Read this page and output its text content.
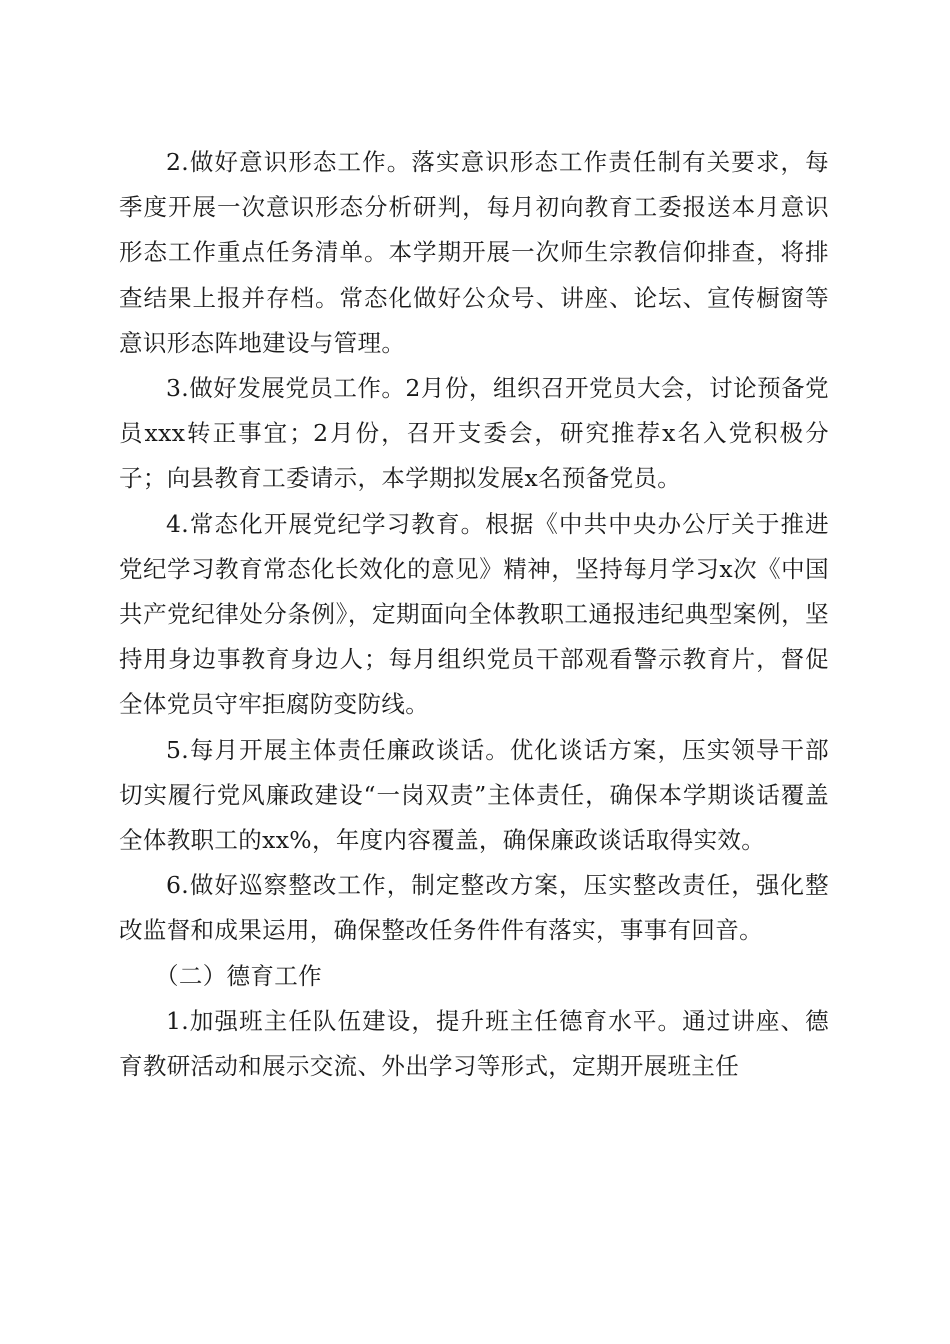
2.做好意识形态工作。落实意识形态工作责任制有关要求，每季度开展一次意识形态分析研判，每月初向教育工委报送本月意识形态工作重点任务清单。本学期开展一次师生宗教信仰排查，将排查结果上报并存档。常态化做好公众号、讲座、论坛、宣传橱窗等意识形态阵地建设与管理。

3.做好发展党员工作。2月份，组织召开党员大会，讨论预备党员xxx转正事宜；2月份，召开支委会，研究推荐x名入党积极分子；向县教育工委请示，本学期拟发展x名预备党员。

4.常态化开展党纪学习教育。根据《中共中央办公厅关于推进党纪学习教育常态化长效化的意见》精神，坚持每月学习x次《中国共产党纪律处分条例》，定期面向全体教职工通报违纪典型案例，坚持用身边事教育身边人；每月组织党员干部观看警示教育片，督促全体党员守牢拒腐防变防线。

5.每月开展主体责任廉政谈话。优化谈话方案，压实领导干部切实履行党风廉政建设“一岗双责”主体责任，确保本学期谈话覆盖全体教职工的xx%，年度内容覆盖，确保廉政谈话取得实效。

6.做好巡察整改工作，制定整改方案，压实整改责任，强化整改监督和成果运用，确保整改任务件件有落实，事事有回音。

（二）德育工作

1.加强班主任队伍建设，提升班主任德育水平。通过讲座、德育教研活动和展示交流、外出学习等形式，定期开展班主任
